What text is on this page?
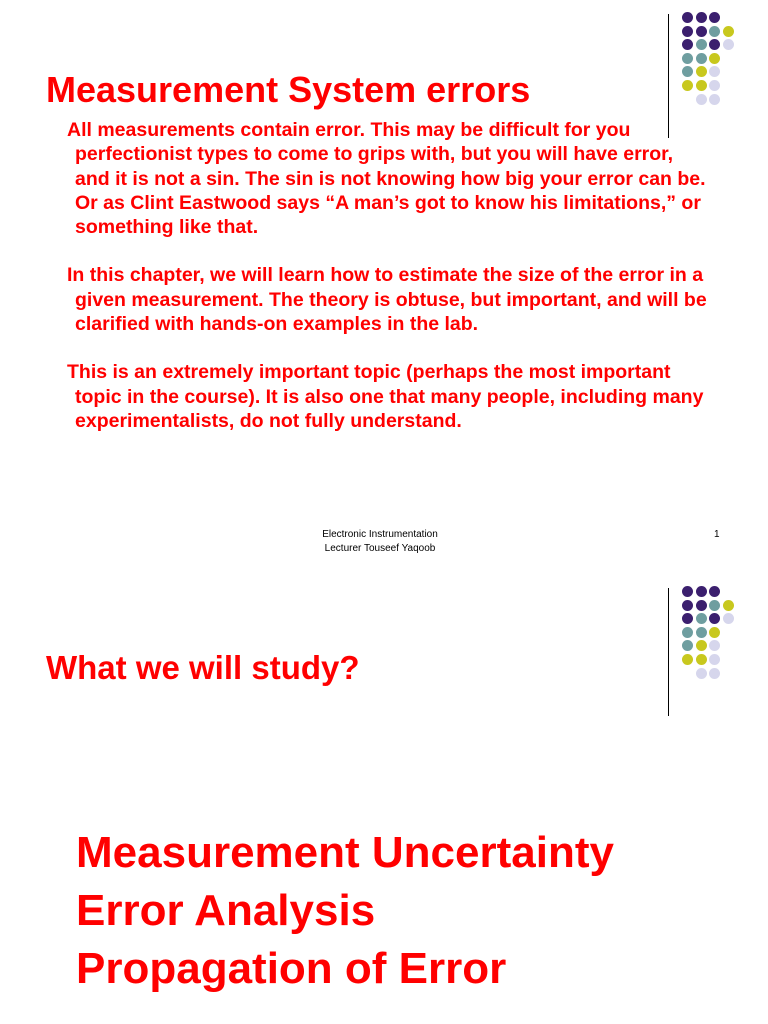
Measurement System errors

All measurements contain error. This may be difficult for you perfectionist types to come to grips with, but you will have error, and it is not a sin. The sin is not knowing how big your error can be. Or as Clint Eastwood says “A man’s got to know his limitations,” or something like that.

In this chapter, we will learn how to estimate the size of the error in a given measurement. The theory is obtuse, but important, and will be clarified with hands-on examples in the lab.

This is an extremely important topic (perhaps the most important topic in the course). It is also one that many people, including many experimentalists, do not fully understand.

Electronic Instrumentation
Lecturer Touseef Yaqoob
1
What we will study?
Measurement Uncertainty
Error Analysis
Propagation of Error
